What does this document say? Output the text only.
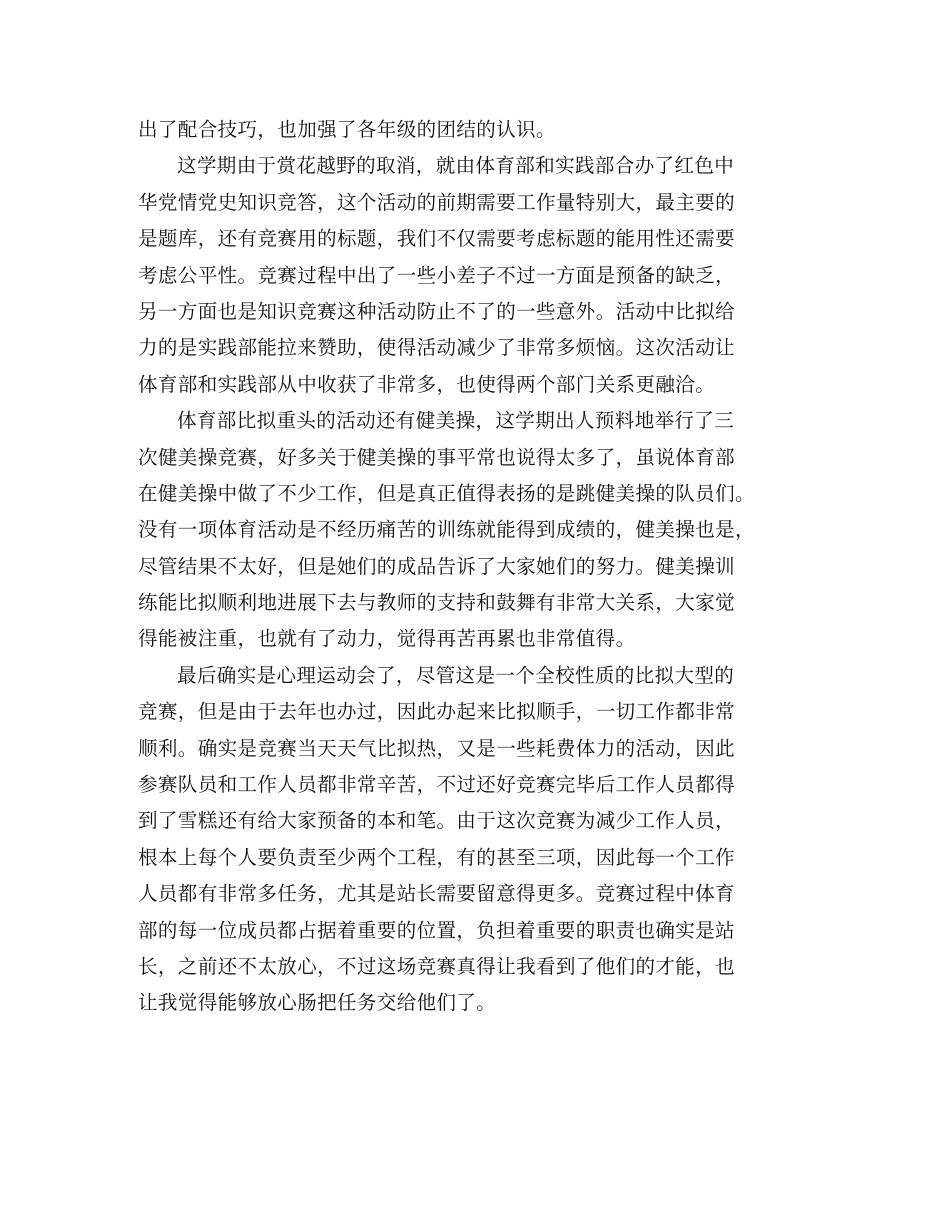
出了配合技巧，也加强了各年级的团结的认识。
这学期由于赏花越野的取消，就由体育部和实践部合办了红色中
华党情党史知识竞答，这个活动的前期需要工作量特别大，最主要的
是题库，还有竞赛用的标题，我们不仅需要考虑标题的能用性还需要
考虑公平性。竞赛过程中出了一些小差子不过一方面是预备的缺乏，
另一方面也是知识竞赛这种活动防止不了的一些意外。活动中比拟给
力的是实践部能拉来赞助，使得活动减少了非常多烦恼。这次活动让
体育部和实践部从中收获了非常多，也使得两个部门关系更融洽。
体育部比拟重头的活动还有健美操，这学期出人预料地举行了三
次健美操竞赛，好多关于健美操的事平常也说得太多了，虽说体育部
在健美操中做了不少工作，但是真正值得表扬的是跳健美操的队员们。
没有一项体育活动是不经历痛苦的训练就能得到成绩的，健美操也是，
尽管结果不太好，但是她们的成品告诉了大家她们的努力。健美操训
练能比拟顺利地进展下去与教师的支持和鼓舞有非常大关系，大家觉
得能被注重，也就有了动力，觉得再苦再累也非常值得。
最后确实是心理运动会了，尽管这是一个全校性质的比拟大型的
竞赛，但是由于去年也办过，因此办起来比拟顺手，一切工作都非常
顺利。确实是竞赛当天天气比拟热，又是一些耗费体力的活动，因此
参赛队员和工作人员都非常辛苦，不过还好竞赛完毕后工作人员都得
到了雪糕还有给大家预备的本和笔。由于这次竞赛为减少工作人员，
根本上每个人要负责至少两个工程，有的甚至三项，因此每一个工作
人员都有非常多任务，尤其是站长需要留意得更多。竞赛过程中体育
部的每一位成员都占据着重要的位置，负担着重要的职责也确实是站
长，之前还不太放心，不过这场竞赛真得让我看到了他们的才能，也
让我觉得能够放心肠把任务交给他们了。
